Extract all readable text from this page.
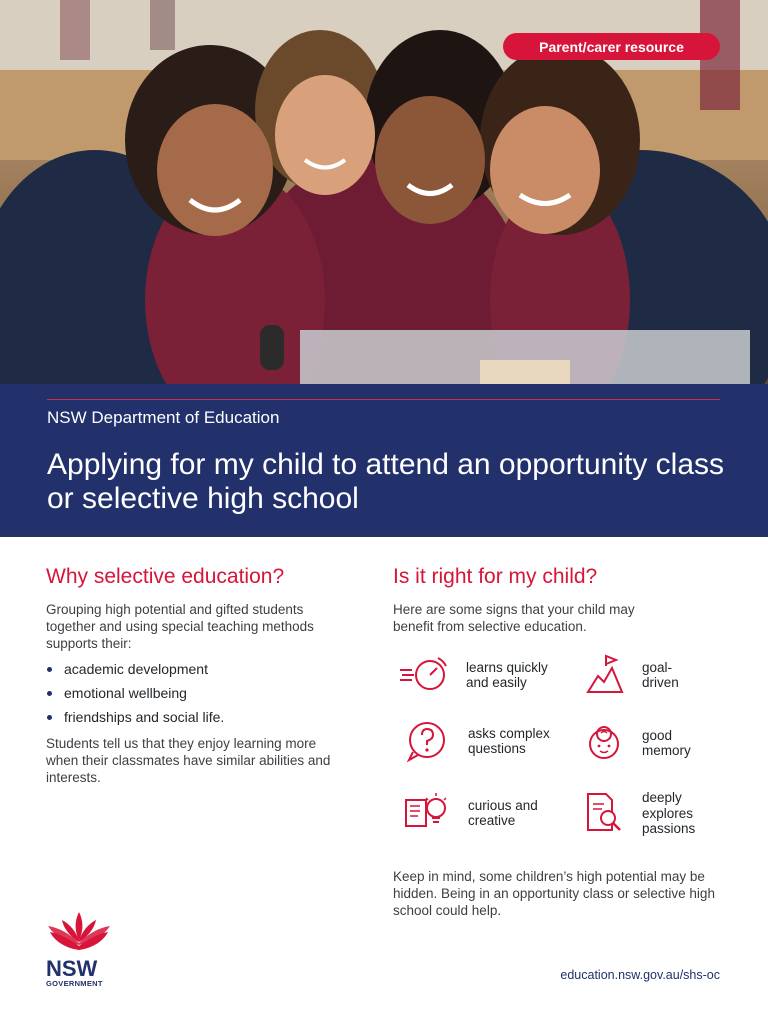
Parent/carer resource
NSW Department of Education
Applying for my child to attend an opportunity class or selective high school
Why selective education?

Grouping high potential and gifted students together and using special teaching methods supports their:

academic development
emotional wellbeing
friendships and social life.

Students tell us that they enjoy learning more when their classmates have similar abilities and interests.

Is it right for my child?

Here are some signs that your child may benefit from selective education.

learns quickly and easily
goal-driven
asks complex questions
good memory
curious and creative
deeply explores passions

Keep in mind, some children’s high potential may be hidden. Being in an opportunity class or selective high school could help.

NSW
GOVERNMENT
education.nsw.gov.au/shs-oc
